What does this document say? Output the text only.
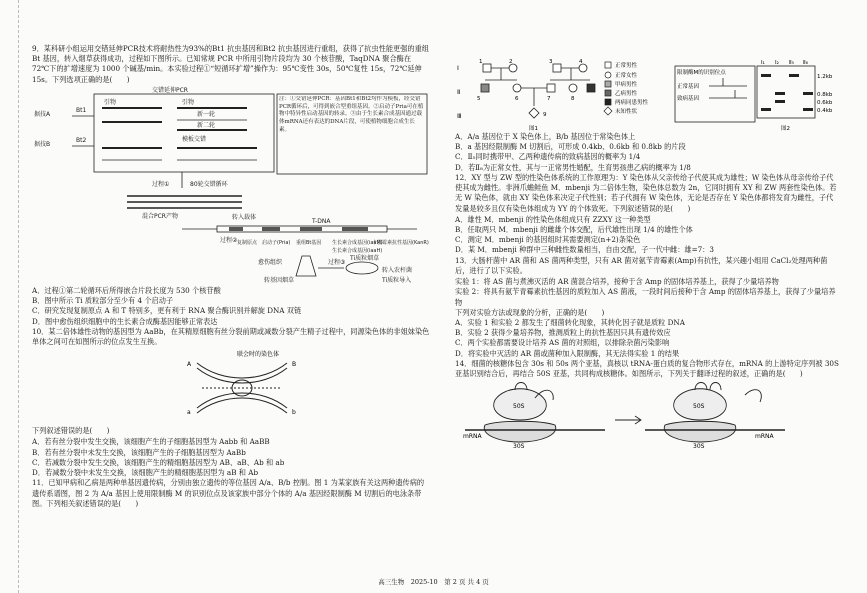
9．某科研小组运用交错延伸PCR技术将耐热性为93%的Bt1 抗虫基因和Bt2 抗虫基因进行重组，获得了抗虫性能更强的重组 Bt 基因，转入烟草获得成功，过程如下图所示。已知常规 PCR 中所用引物片段均为 30 个核苷酸，TaqDNA 聚合酶在 72℃下的扩增速度为 1000 个碱基/min。本实验过程①“短循环扩增”操作为：95℃变性 30s，50℃复性 15s，72℃延伸 15s。下列选项正确的是(　　)

交错延伸PCR
引物	引物
新一轮
新二轮
模板交错
Bt1
Bt2
据技A
据技B
过程①	80轮交错循环
混合PCR产物	转入载体
T-DNA
过程② 复制原点 启动子(Pria) 重组Bt基因 生长素合成基因(iaaM)
生长素合成基因(iaaH)
卡那霉素抗性基因(KanR)
Ti质粒烟草
愈伤组织	过程③
转基因烟草
转入农杆菌
Ti质粒导入
注：①交错延伸PCR：基因Bt1和Bt2均作为模板，经交错PCR循环后，可得到嵌合型重组基因。②启动子Pria可在植物中特异性启动基因的转录。③由于生长素合成基因通过载体mRNA还有表达的DNA片段，可使植物细胞合成生长素。

A．过程①第二轮循环后所得嵌合片段长度为 530 个核苷酸

B．图中所示 Ti 质粒部分至少有 4 个启动子

C．研究发现复制原点 A 和 T 特别多，更有利于 RNA 聚合酶识别并解旋 DNA 双链

D．图中愈伤组织细胞中的生长素合成酶基因能够正常表达

10．某二倍体雄性动物的基因型为 AaBb，在其精原细胞有丝分裂前期或减数分裂产生精子过程中，同源染色体的非姐妹染色单体之间可在如图所示的位点发生互换。

联会时的染色体
A
a
B
b

下列叙述错误的是(　　)

A．若有丝分裂中发生交换，该细胞产生的子细胞基因型为 Aabb 和 AaBB

B．若有丝分裂中未发生交换，该细胞产生的子细胞基因型为 AaBb

C．若减数分裂中发生交换，该细胞产生的精细胞基因型为 AB、aB、Ab 和 ab

D．若减数分裂中未发生交换，该细胞产生的精细胞基因型为 aB 和 Ab

11．已知甲病和乙病是两种单基因遗传病，分别由独立遗传的等位基因 A/a、B/b 控制。图 1 为某家族有关这两种遗传病的遗传系谱图，图 2 为 A/a 基因上使用限制酶 M 的识别位点及该家族中部分个体的 A/a 基因经限制酶 M 切割后的电泳条带图。下列相关叙述错误的是(　　)

Ⅰ
Ⅱ
Ⅲ
1	2	3	4
5	6	7	8
9
图1
正常男性
正常女性
甲病男性
乙病男性
两病同患男性
未知性状
限制酶M的识别位点
正常基因
致病基因
Ⅰ₁ Ⅰ₂ Ⅱ₅ Ⅱ₆
1.2kb
0.8kb
0.6kb
0.4kb
图2

A．A/a 基因位于 X 染色体上，B/b 基因位于常染色体上

B．a 基因经限制酶 M 切割后，可形成 0.4kb、0.6kb 和 0.8kb 的片段

C．Ⅱ₅同时携带甲、乙两种遗传病的致病基因的概率为 1/4

D．若Ⅱ₈为正常女性，其与一正常男性婚配，生育男孩患乙病的概率为 1/8

12．XY 型与 ZW 型的性染色体系统的工作原理为：Y 染色体从父亲传给子代使其成为雄性；W 染色体从母亲传给子代使其成为雌性。非洲爪蟾鲑鱼 M．mbenji 为二倍体生物，染色体总数为 2n，它同时拥有 XY 和 ZW 两套性染色体。若无 W 染色体，就由 XY 染色体来决定子代性别；若子代拥有 W 染色体，无论是否存在 Y 染色体都将发育为雌性，子代发量是较多且仅有染色体组成为 YY 的个体致死。下列叙述错误的是(　　)

A．雄性 M．mbenji 的性染色体组成只有 ZZXY 这一种类型

B．任取两只 M．mbenji 的雌雄个体交配，后代雄性出现 1/4 的雄性个体

C．测定 M．mbenji 的基因组时其需要测定(n+2)条染色

D．某 M．mbenji 种群中三种雌性数量相当，自由交配，子一代中雌：雄=7：3

13．大肠杆菌中 AR 菌和 AS 菌两种类型，只有 AR 菌对氨苄青霉素(Amp)有抗性，某兴趣小组用 CaCl₂处理两种菌后，进行了以下实验。

实验 1：将 AS 菌与煮沸灭活的 AR 菌混合培养，接种于含 Amp 的固体培养基上，获得了少量培养物

实验 2：将具有氨苄青霉素抗性基因的质粒加入 AS 菌液，一段时间后接种于含 Amp 的固体培养基上，获得了少量培养物

下列对实验方法或现象的分析，正确的是(　　)

A．实验 1 和实验 2 都发生了细菌转化现象，其转化因子就是质粒 DNA

B．实验 2 获得少量培养物，推测质粒上的抗性基因只具有遗传效应

C．两个实验都需要设计培养 AS 菌的对照组，以排除杂菌污染影响

D．将实验中灭活的 AR 菌或菌种加入限制酶，其无法得实验 1 的结果

14．细菌的核糖体包含 30s 和 50s 两个亚基，真核以 tRNA-蛋白质的复合物形式存在，mRNA 的上游特定序列被 30S 亚基识别结合后，再结合 50S 亚基，共同构成核糖体。如图所示，下列关于翻译过程的叙述，正确的是(　　)

50S
30S
mRNA
50S
30S
mRNA
高三生物　2025-10　第 2 页 共 4 页
